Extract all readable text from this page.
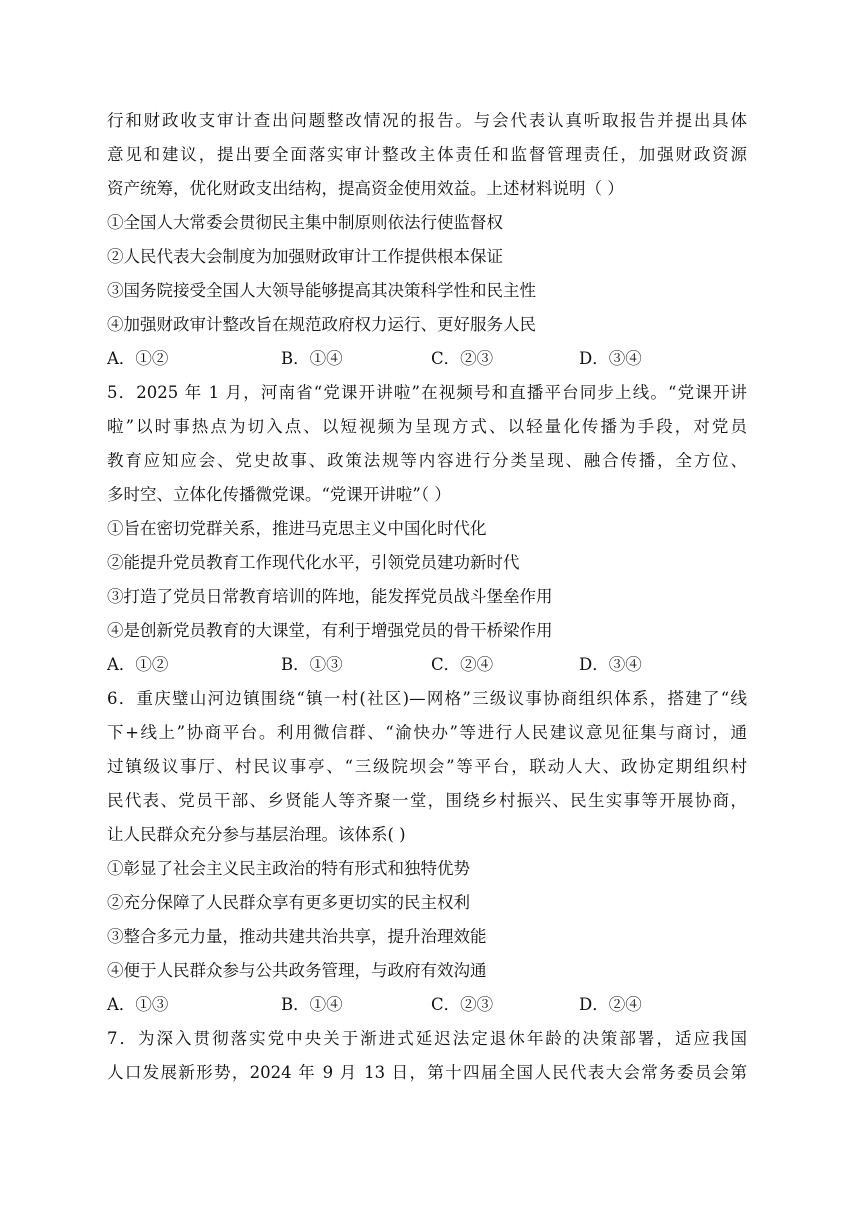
行和财政收支审计查出问题整改情况的报告。与会代表认真听取报告并提出具体
意见和建议，提出要全面落实审计整改主体责任和监督管理责任，加强财政资源
资产统筹，优化财政支出结构，提高资金使用效益。上述材料说明（ ）
①全国人大常委会贯彻民主集中制原则依法行使监督权
②人民代表大会制度为加强财政审计工作提供根本保证
③国务院接受全国人大领导能够提高其决策科学性和民主性
④加强财政审计整改旨在规范政府权力运行、更好服务人民
A．①②	B．①④	C．②③	D．③④
5．2025 年 1 月，河南省“党课开讲啦”在视频号和直播平台同步上线。“党课开讲
啦”以时事热点为切入点、以短视频为呈现方式、以轻量化传播为手段，对党员
教育应知应会、党史故事、政策法规等内容进行分类呈现、融合传播，全方位、
多时空、立体化传播微党课。“党课开讲啦”（ ）
①旨在密切党群关系，推进马克思主义中国化时代化
②能提升党员教育工作现代化水平，引领党员建功新时代
③打造了党员日常教育培训的阵地，能发挥党员战斗堡垒作用
④是创新党员教育的大课堂，有利于增强党员的骨干桥梁作用
A．①②	B．①③	C．②④	D．③④
6．重庆璧山河边镇围绕“镇一村(社区)—网格”三级议事协商组织体系，搭建了“线
下+线上”协商平台。利用微信群、“渝快办”等进行人民建议意见征集与商讨，通
过镇级议事厅、村民议事亭、“三级院坝会”等平台，联动人大、政协定期组织村
民代表、党员干部、乡贤能人等齐聚一堂，围绕乡村振兴、民生实事等开展协商，
让人民群众充分参与基层治理。该体系( )
①彰显了社会主义民主政治的特有形式和独特优势
②充分保障了人民群众享有更多更切实的民主权利
③整合多元力量，推动共建共治共享，提升治理效能
④便于人民群众参与公共政务管理，与政府有效沟通
A．①③	B．①④	C．②③	D．②④
7．为深入贯彻落实党中央关于渐进式延迟法定退休年龄的决策部署，适应我国
人口发展新形势，2024 年 9 月 13 日，第十四届全国人民代表大会常务委员会第
